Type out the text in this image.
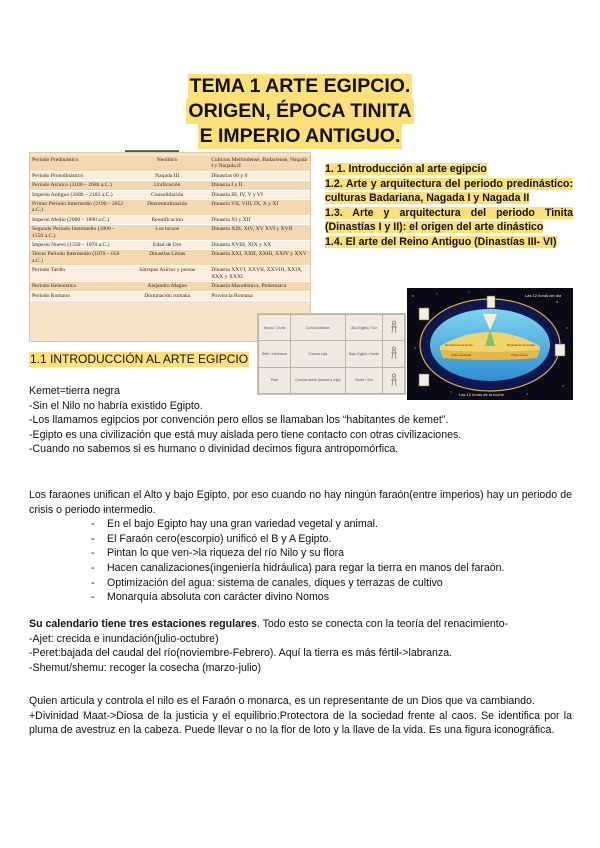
TEMA 1 ARTE EGIPCIO.
ORIGEN, ÉPOCA TINITA
E IMPERIO ANTIGUO.
▬▬▬▬▬▬▬▬▬
Periodo Predinástico	Neolítico	Culturas Merimdense, Badariense, Naqada I y Naqada II
Periodo Protodinástico	Naqada III	Dinastías 00 y 0
Periodo Arcaico (3100 – 2686 a.C.)	Unificación	Dinastía I y II
Imperio Antiguo (2686 – 2181 a.C.)	Consolidación	Dinastía III, IV, V y VI
Primer Periodo Intermedio (2190 – 2052 a.C.)	Descentralización	Dinastía VII, VIII, IX, X y XI
Imperio Medio (2000 – 1800 a.C.)	Reunificación	Dinastía XI y XII
Segundo Periodo Intermedio (1800 – 1550 a.C.)	Los hicsos	Dinastía XIII, XIV, XV XVI y XVII
Imperio Nuevo (1550 – 1070 a.C.)	Edad de Oro	Dinastía XVIII, XIX y XX
Tercer Periodo Intermedio (1070 – 650 a.C.)	Dinastías Libias	Dinastía XXI, XXII, XXIII, XXIV y XXV
Periodo Tardío	Sátrapas Asirios y persas	Dinastía XXVI, XXVII, XXVIII, XXIX, XXX y XXXI
Periodo Helenístico	Alejandro Magno	Dinastía Macedónica, Ptolemaica
Periodo Romano	Dominación romana	Provincia Romana

1. 1. Introducción al arte egipcio

1.2. Arte y arquitectura del periodo predinástico: culturas Badariana, Nagada I y Nagada II

1.3. Arte y arquitectura del periodo Tinita (Dinastías I y II): el origen del arte dinástico

1.4. El arte del Reino Antiguo (Dinastías III- VI)

Las 12 horas del día
Las 12 horas de la noche
Montaña de las tierras	Montaña de las tierras
Orilla occidental	Orilla oriental
Horus / Osiris	Corona blanca	Alto Egipto / Sur	
Seth / Nefertum	Corona roja	Bajo Egipto / Norte	
Ptah	Corona doble (blanca y roja)	Norte / Sur	
1.1 INTRODUCCIÓN AL ARTE EGIPCIO

Kemet=tierra negra

-Sin el Nilo no habría existido Egipto.

-Los llamamos egipcios por convención pero ellos se llamaban los “habitantes de kemet”.

-Egipto es una civilización que está muy aislada pero tiene contacto con otras civilizaciones.

-Cuando no sabemos si es humano o divinidad decimos figura antropomórfica.

Los faraones unifican el Alto y bajo Egipto, por eso cuando no hay ningún faraón(entre imperios) hay un periodo de crisis o periodo intermedio.

- En el bajo Egipto hay una gran variedad vegetal y animal.
- El Faraón cero(escorpio) unificó el B y A Egipto.
- Pintan lo que ven->la riqueza del río Nilo y su flora
- Hacen canalizaciones(ingeniería hidráulica) para regar la tierra en manos del faraón.
- Optimización del agua: sistema de canales, diques y terrazas de cultivo
- Monarquía absoluta con carácter divino Nomos

Su calendario tiene tres estaciones regulares. Todo esto se conecta con la teoría del renacimiento-

-Ajet: crecida e inundación(julio-octubre)

-Peret:bajada del caudal del río(noviembre-Febrero). Aquí la tierra es más fértil->labranza.

-Shemut/shemu: recoger la cosecha (marzo-julio)

Quien articula y controla el nilo es el Faraón o monarca, es un representante de un Dios que va cambiando.

+Divinidad Maat->Diosa de la justicia y el equilibrio.Protectora de la sociedad frente al caos. Se identifica por la pluma de avestruz en la cabeza. Puede llevar o no la flor de loto y la llave de la vida. Es una figura iconográfica.
